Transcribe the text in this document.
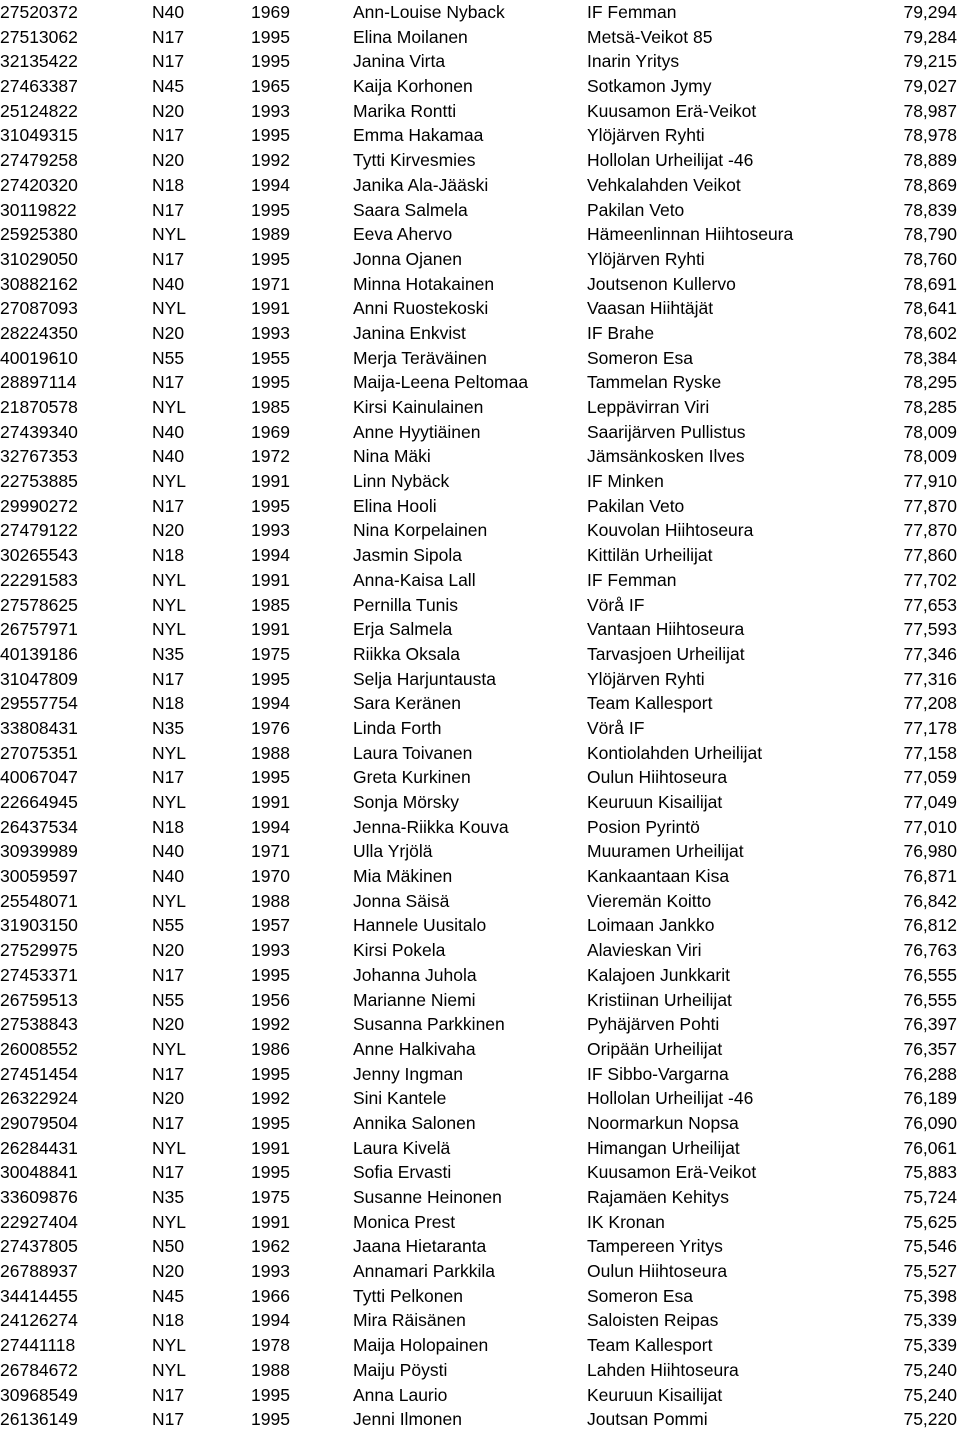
27520372	N40	1969	Ann-Louise Nyback	IF Femman	79,294
27513062	N17	1995	Elina Moilanen	Metsä-Veikot 85	79,284
32135422	N17	1995	Janina Virta	Inarin Yritys	79,215
27463387	N45	1965	Kaija Korhonen	Sotkamon Jymy	79,027
25124822	N20	1993	Marika Rontti	Kuusamon Erä-Veikot	78,987
31049315	N17	1995	Emma Hakamaa	Ylöjärven Ryhti	78,978
27479258	N20	1992	Tytti Kirvesmies	Hollolan Urheilijat -46	78,889
27420320	N18	1994	Janika Ala-Jääski	Vehkalahden Veikot	78,869
30119822	N17	1995	Saara Salmela	Pakilan Veto	78,839
25925380	NYL	1989	Eeva Ahervo	Hämeenlinnan Hiihtoseura	78,790
31029050	N17	1995	Jonna Ojanen	Ylöjärven Ryhti	78,760
30882162	N40	1971	Minna Hotakainen	Joutsenon Kullervo	78,691
27087093	NYL	1991	Anni Ruostekoski	Vaasan Hiihtäjät	78,641
28224350	N20	1993	Janina Enkvist	IF Brahe	78,602
40019610	N55	1955	Merja Teräväinen	Someron Esa	78,384
28897114	N17	1995	Maija-Leena Peltomaa	Tammelan Ryske	78,295
21870578	NYL	1985	Kirsi Kainulainen	Leppävirran Viri	78,285
27439340	N40	1969	Anne Hyytiäinen	Saarijärven Pullistus	78,009
32767353	N40	1972	Nina Mäki	Jämsänkosken Ilves	78,009
22753885	NYL	1991	Linn Nybäck	IF Minken	77,910
29990272	N17	1995	Elina Hooli	Pakilan Veto	77,870
27479122	N20	1993	Nina Korpelainen	Kouvolan Hiihtoseura	77,870
30265543	N18	1994	Jasmin Sipola	Kittilän Urheilijat	77,860
22291583	NYL	1991	Anna-Kaisa Lall	IF Femman	77,702
27578625	NYL	1985	Pernilla Tunis	Vörå IF	77,653
26757971	NYL	1991	Erja Salmela	Vantaan Hiihtoseura	77,593
40139186	N35	1975	Riikka Oksala	Tarvasjoen Urheilijat	77,346
31047809	N17	1995	Selja Harjuntausta	Ylöjärven Ryhti	77,316
29557754	N18	1994	Sara Keränen	Team Kallesport	77,208
33808431	N35	1976	Linda Forth	Vörå IF	77,178
27075351	NYL	1988	Laura Toivanen	Kontiolahden Urheilijat	77,158
40067047	N17	1995	Greta Kurkinen	Oulun Hiihtoseura	77,059
22664945	NYL	1991	Sonja Mörsky	Keuruun Kisailijat	77,049
26437534	N18	1994	Jenna-Riikka Kouva	Posion Pyrintö	77,010
30939989	N40	1971	Ulla Yrjölä	Muuramen Urheilijat	76,980
30059597	N40	1970	Mia Mäkinen	Kankaantaan Kisa	76,871
25548071	NYL	1988	Jonna Säisä	Vieremän Koitto	76,842
31903150	N55	1957	Hannele Uusitalo	Loimaan Jankko	76,812
27529975	N20	1993	Kirsi Pokela	Alavieskan Viri	76,763
27453371	N17	1995	Johanna Juhola	Kalajoen Junkkarit	76,555
26759513	N55	1956	Marianne Niemi	Kristiinan Urheilijat	76,555
27538843	N20	1992	Susanna Parkkinen	Pyhäjärven Pohti	76,397
26008552	NYL	1986	Anne Halkivaha	Oripään Urheilijat	76,357
27451454	N17	1995	Jenny Ingman	IF Sibbo-Vargarna	76,288
26322924	N20	1992	Sini Kantele	Hollolan Urheilijat -46	76,189
29079504	N17	1995	Annika Salonen	Noormarkun Nopsa	76,090
26284431	NYL	1991	Laura Kivelä	Himangan Urheilijat	76,061
30048841	N17	1995	Sofia Ervasti	Kuusamon Erä-Veikot	75,883
33609876	N35	1975	Susanne Heinonen	Rajamäen Kehitys	75,724
22927404	NYL	1991	Monica Prest	IK Kronan	75,625
27437805	N50	1962	Jaana Hietaranta	Tampereen Yritys	75,546
26788937	N20	1993	Annamari Parkkila	Oulun Hiihtoseura	75,527
34414455	N45	1966	Tytti Pelkonen	Someron Esa	75,398
24126274	N18	1994	Mira Räisänen	Saloisten Reipas	75,339
27441118	NYL	1978	Maija Holopainen	Team Kallesport	75,339
26784672	NYL	1988	Maiju Pöysti	Lahden Hiihtoseura	75,240
30968549	N17	1995	Anna Laurio	Keuruun Kisailijat	75,240
26136149	N17	1995	Jenni Ilmonen	Joutsan Pommi	75,220
